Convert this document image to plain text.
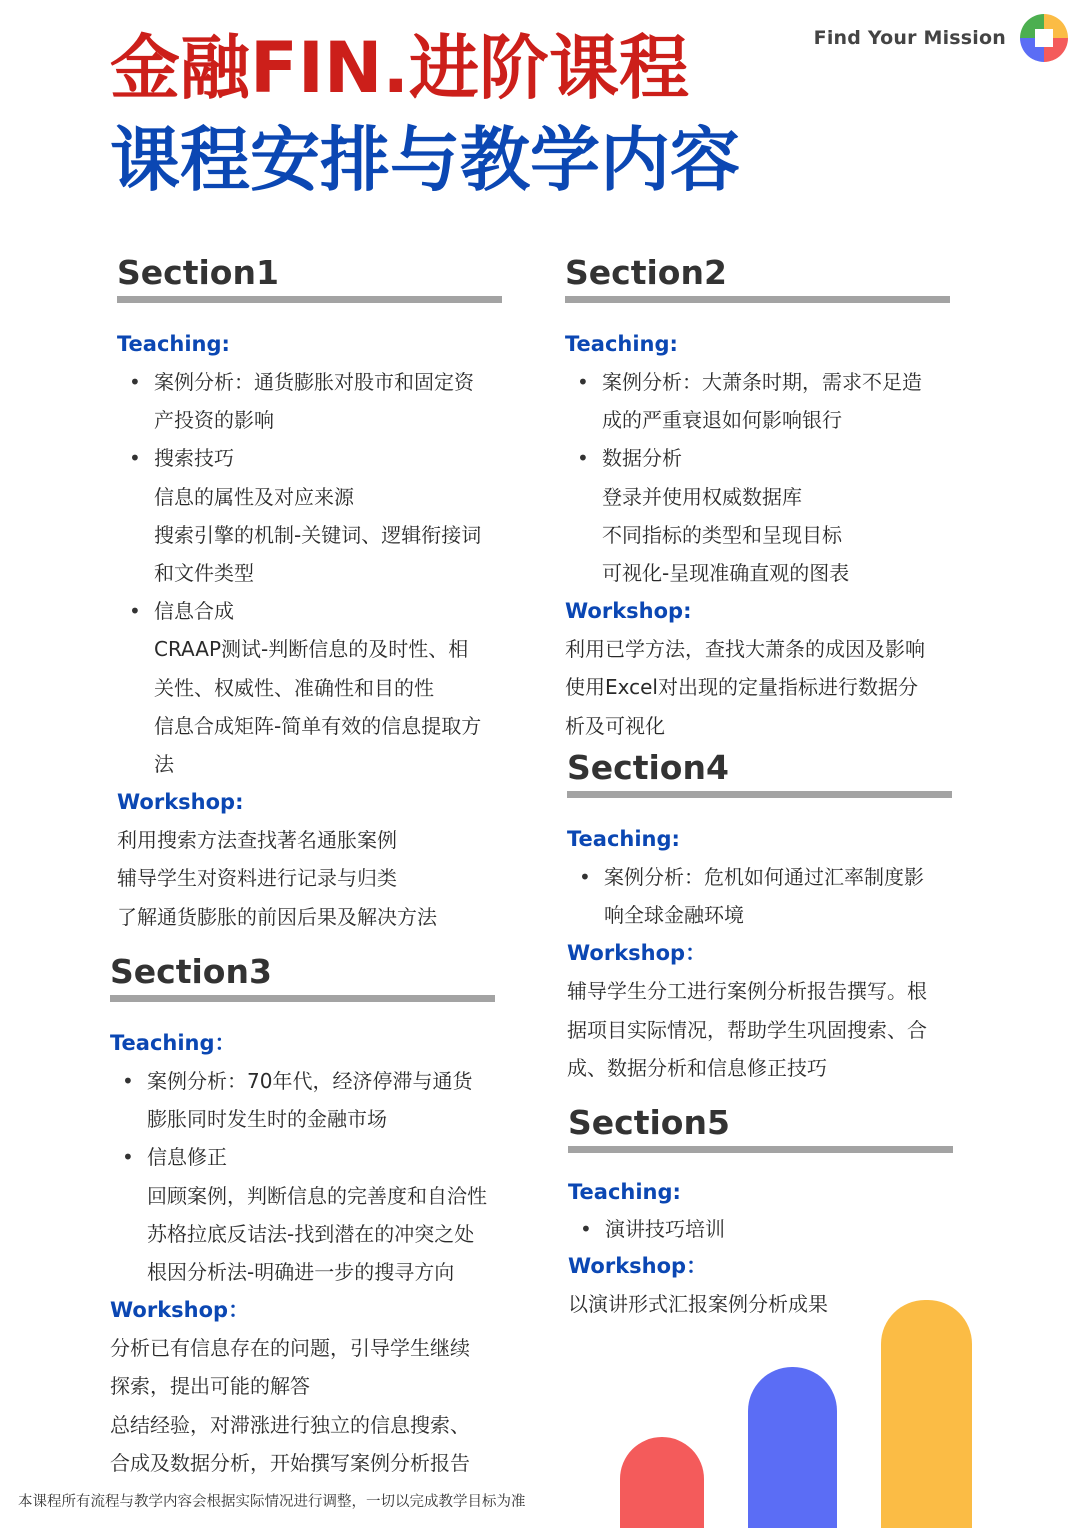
Find Your Mission
金融FIN.进阶课程
课程安排与教学内容
Section1
Teaching:
• 案例分析：通货膨胀对股市和固定资
产投资的影响
• 搜索技巧
信息的属性及对应来源
搜索引擎的机制-关键词、逻辑衔接词
和文件类型
• 信息合成
CRAAP测试-判断信息的及时性、相
关性、权威性、准确性和目的性
信息合成矩阵-简单有效的信息提取方
法
Workshop:
利用搜索方法查找著名通胀案例
辅导学生对资料进行记录与归类
了解通货膨胀的前因后果及解决方法
Section2
Teaching:
• 案例分析：大萧条时期，需求不足造
成的严重衰退如何影响银行
• 数据分析
登录并使用权威数据库
不同指标的类型和呈现目标
可视化-呈现准确直观的图表
Workshop:
利用已学方法，查找大萧条的成因及影响
使用Excel对出现的定量指标进行数据分
析及可视化
Section3
Teaching：
• 案例分析：70年代，经济停滞与通货
膨胀同时发生时的金融市场
• 信息修正
回顾案例，判断信息的完善度和自洽性
苏格拉底反诘法-找到潜在的冲突之处
根因分析法-明确进一步的搜寻方向
Workshop：
分析已有信息存在的问题，引导学生继续
探索，提出可能的解答
总结经验，对滞涨进行独立的信息搜索、
合成及数据分析，开始撰写案例分析报告
Section4
Teaching:
• 案例分析：危机如何通过汇率制度影
响全球金融环境
Workshop：
辅导学生分工进行案例分析报告撰写。根
据项目实际情况，帮助学生巩固搜索、合
成、数据分析和信息修正技巧
Section5
Teaching:
• 演讲技巧培训
Workshop：
以演讲形式汇报案例分析成果
本课程所有流程与教学内容会根据实际情况进行调整，一切以完成教学目标为准
